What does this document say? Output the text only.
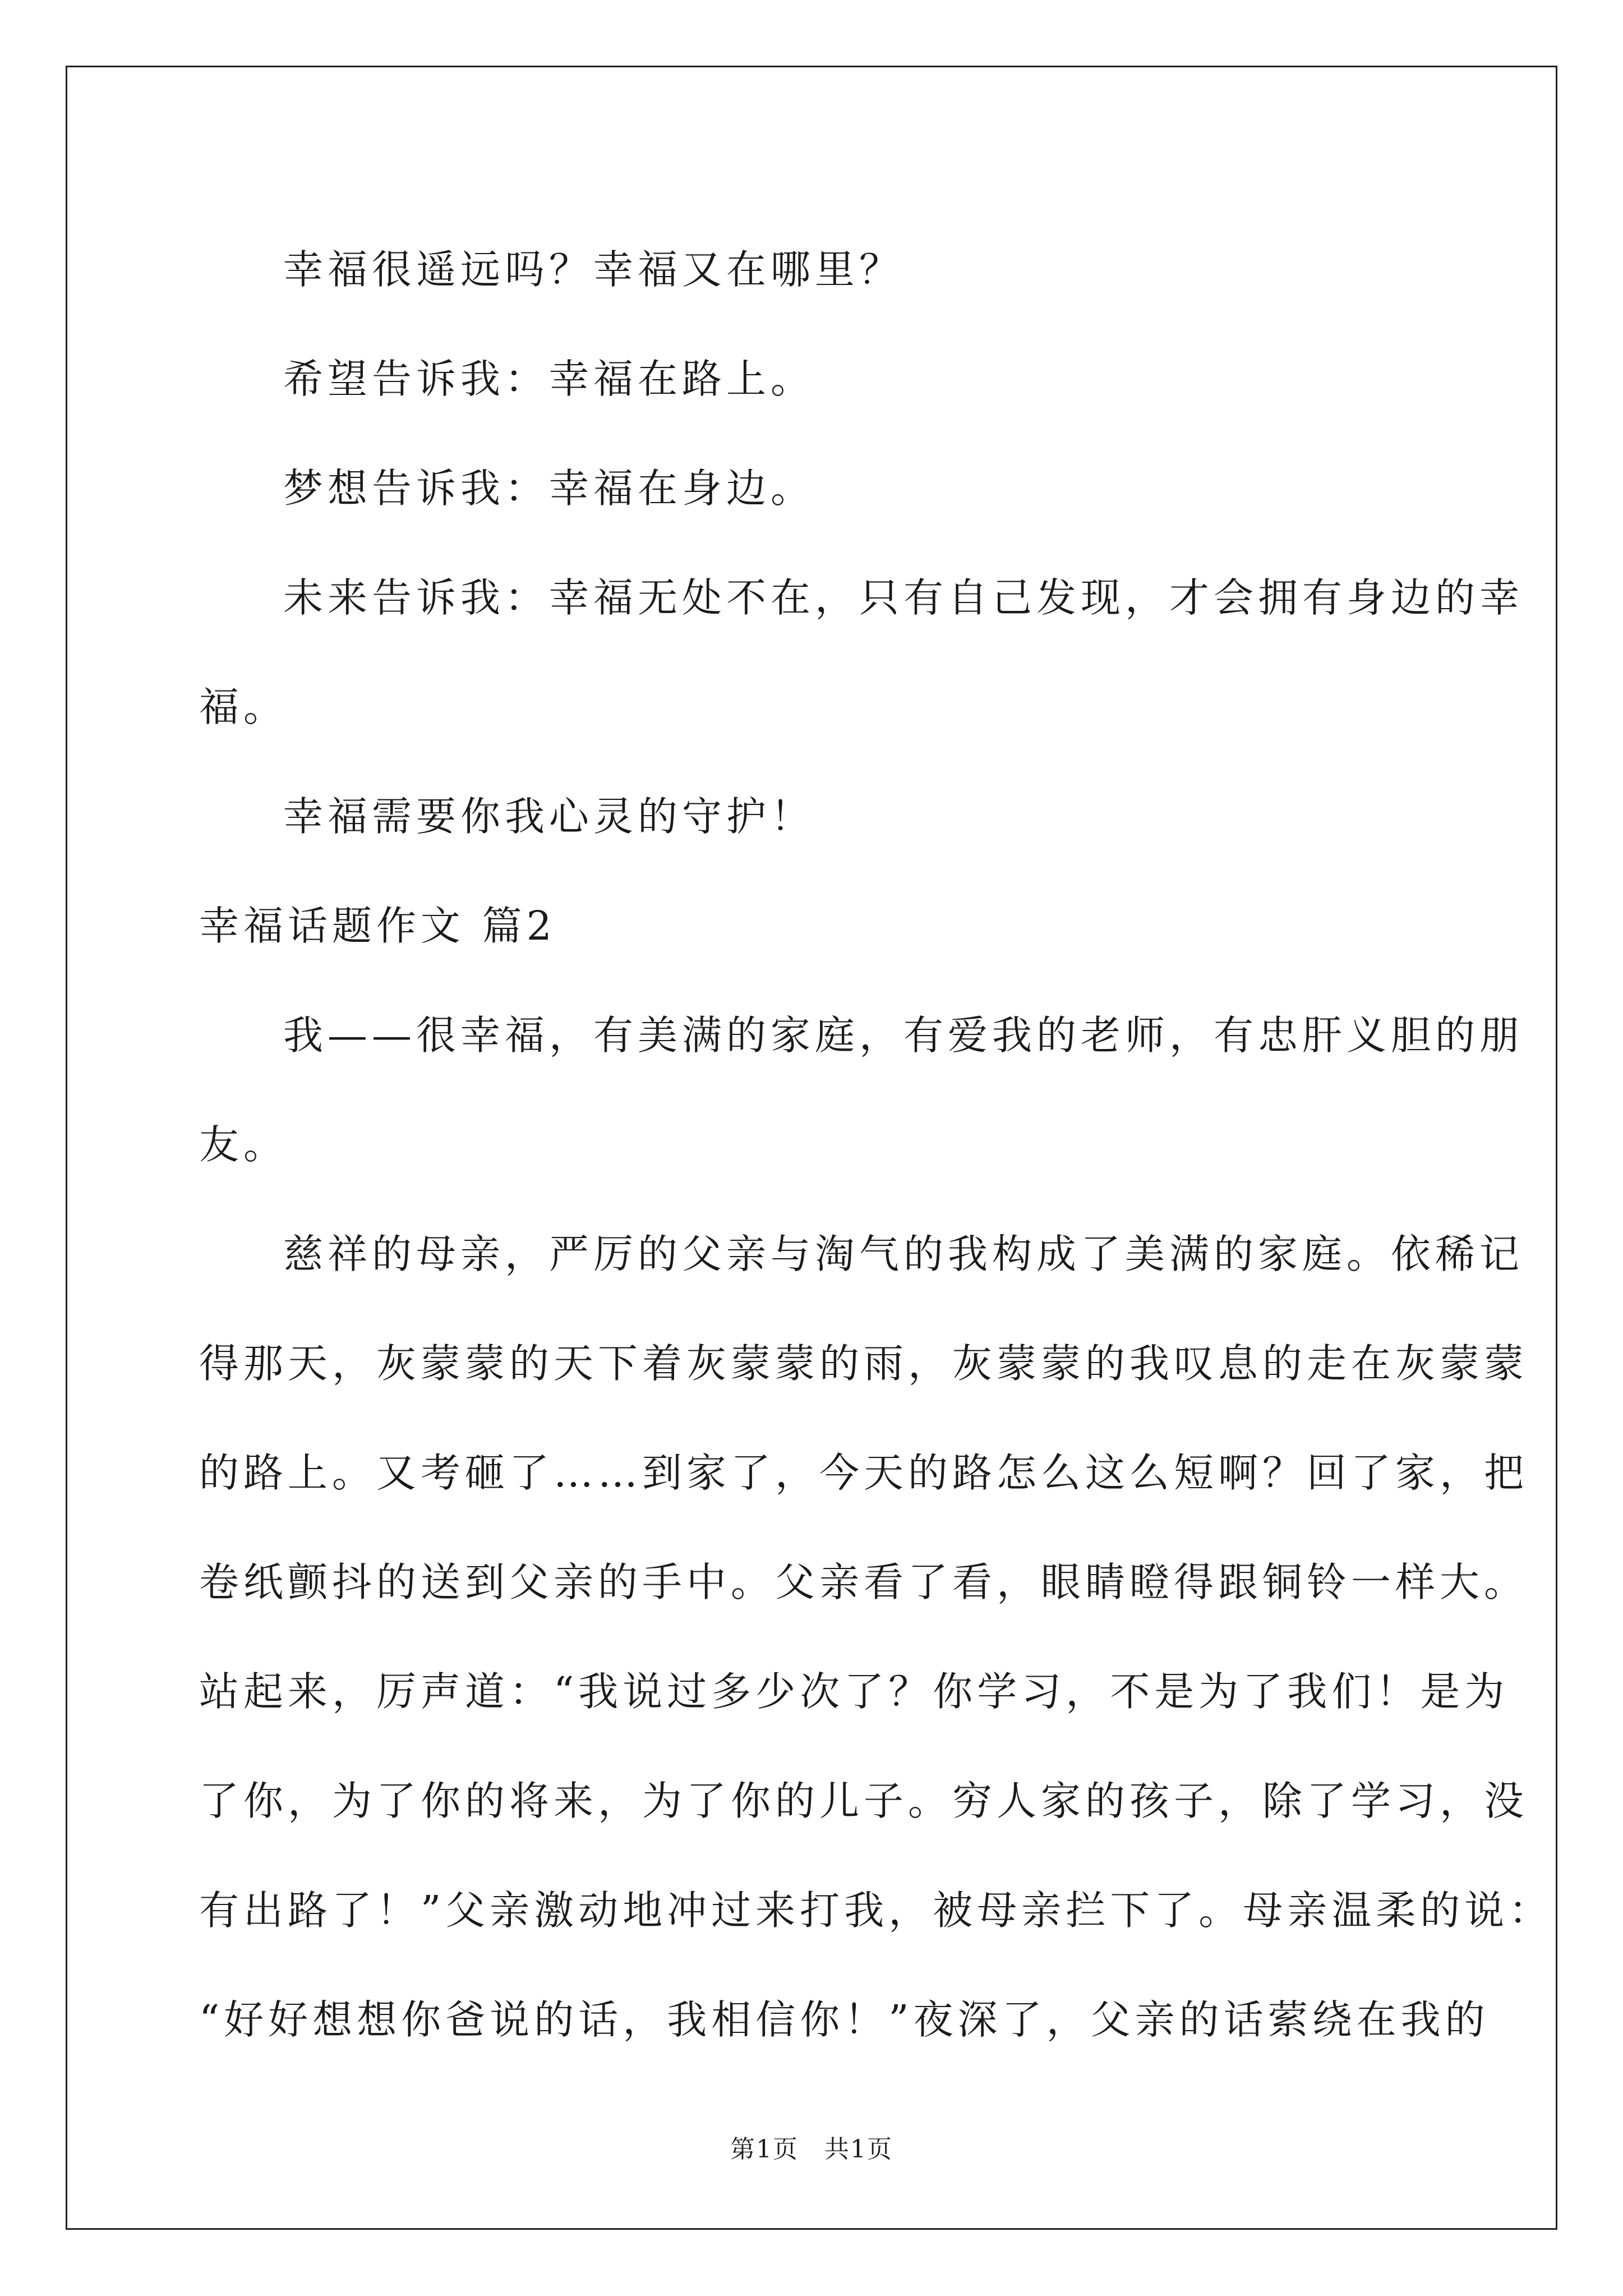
幸福很遥远吗？幸福又在哪里？

希望告诉我：幸福在路上。

梦想告诉我：幸福在身边。

未来告诉我：幸福无处不在，只有自己发现，才会拥有身边的幸

福。

幸福需要你我心灵的守护！

幸福话题作文 篇2

我——很幸福，有美满的家庭，有爱我的老师，有忠肝义胆的朋

友。

慈祥的母亲，严厉的父亲与淘气的我构成了美满的家庭。依稀记

得那天，灰蒙蒙的天下着灰蒙蒙的雨，灰蒙蒙的我叹息的走在灰蒙蒙

的路上。又考砸了……到家了，今天的路怎么这么短啊？回了家，把

卷纸颤抖的送到父亲的手中。父亲看了看，眼睛瞪得跟铜铃一样大。

站起来，厉声道：“我说过多少次了？你学习，不是为了我们！是为

了你，为了你的将来，为了你的儿子。穷人家的孩子，除了学习，没

有出路了！”父亲激动地冲过来打我，被母亲拦下了。母亲温柔的说：

“好好想想你爸说的话，我相信你！”夜深了，父亲的话萦绕在我的

第1页　共1页
